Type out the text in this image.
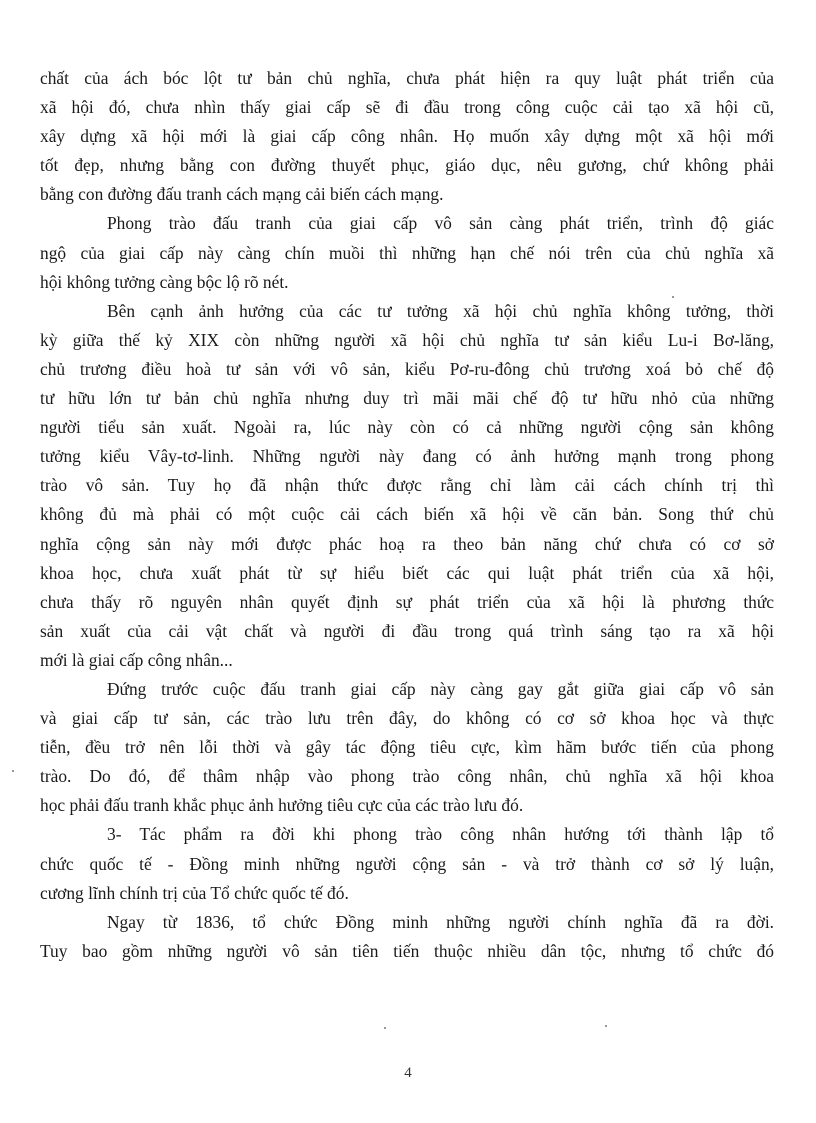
chất của ách bóc lột tư bản chủ nghĩa, chưa phát hiện ra quy luật phát triển của
xã hội đó, chưa nhìn thấy giai cấp sẽ đi đầu trong công cuộc cải tạo xã hội cũ,
xây dựng xã hội mới là giai cấp công nhân. Họ muốn xây dựng một xã hội mới
tốt đẹp, nhưng bằng con đường thuyết phục, giáo dục, nêu gương, chứ không phải
bằng con đường đấu tranh cách mạng cải biến cách mạng.
Phong trào đấu tranh của giai cấp vô sản càng phát triển, trình độ giác
ngộ của giai cấp này càng chín muồi thì những hạn chế nói trên của chủ nghĩa xã
hội không tưởng càng bộc lộ rõ nét.
Bên cạnh ảnh hưởng của các tư tưởng xã hội chủ nghĩa không tưởng, thời
kỳ giữa thế kỷ XIX còn những người xã hội chủ nghĩa tư sản kiểu Lu-i Bơ-lăng,
chủ trương điều hoà tư sản với vô sản, kiểu Pơ-ru-đông chủ trương xoá bỏ chế độ
tư hữu lớn tư bản chủ nghĩa nhưng duy trì mãi mãi chế độ tư hữu nhỏ của những
người tiểu sản xuất. Ngoài ra, lúc này còn có cả những người cộng sản không
tưởng kiểu Vây-tơ-linh. Những người này đang có ảnh hưởng mạnh trong phong
trào vô sản. Tuy họ đã nhận thức được rằng chỉ làm cải cách chính trị thì
không đủ mà phải có một cuộc cải cách biến xã hội về căn bản. Song thứ chủ
nghĩa cộng sản này mới được phác hoạ ra theo bản năng chứ chưa có cơ sở
khoa học, chưa xuất phát từ sự hiểu biết các qui luật phát triển của xã hội,
chưa thấy rõ nguyên nhân quyết định sự phát triển của xã hội là phương thức
sản xuất của cải vật chất và người đi đầu trong quá trình sáng tạo ra xã hội
mới là giai cấp công nhân...
Đứng trước cuộc đấu tranh giai cấp này càng gay gắt giữa giai cấp vô sản
và giai cấp tư sản, các trào lưu trên đây, do không có cơ sở khoa học và thực
tiễn, đều trở nên lỗi thời và gây tác động tiêu cực, kìm hãm bước tiến của phong
trào. Do đó, để thâm nhập vào phong trào công nhân, chủ nghĩa xã hội khoa
học phải đấu tranh khắc phục ảnh hưởng tiêu cực của các trào lưu đó.
3- Tác phẩm ra đời khi phong trào công nhân hướng tới thành lập tổ
chức quốc tế - Đồng minh những người cộng sản - và trở thành cơ sở lý luận,
cương lĩnh chính trị của Tổ chức quốc tế đó.
Ngay từ 1836, tổ chức Đồng minh những người chính nghĩa đã ra đời.
Tuy bao gồm những người vô sản tiên tiến thuộc nhiều dân tộc, nhưng tổ chức đó
4
